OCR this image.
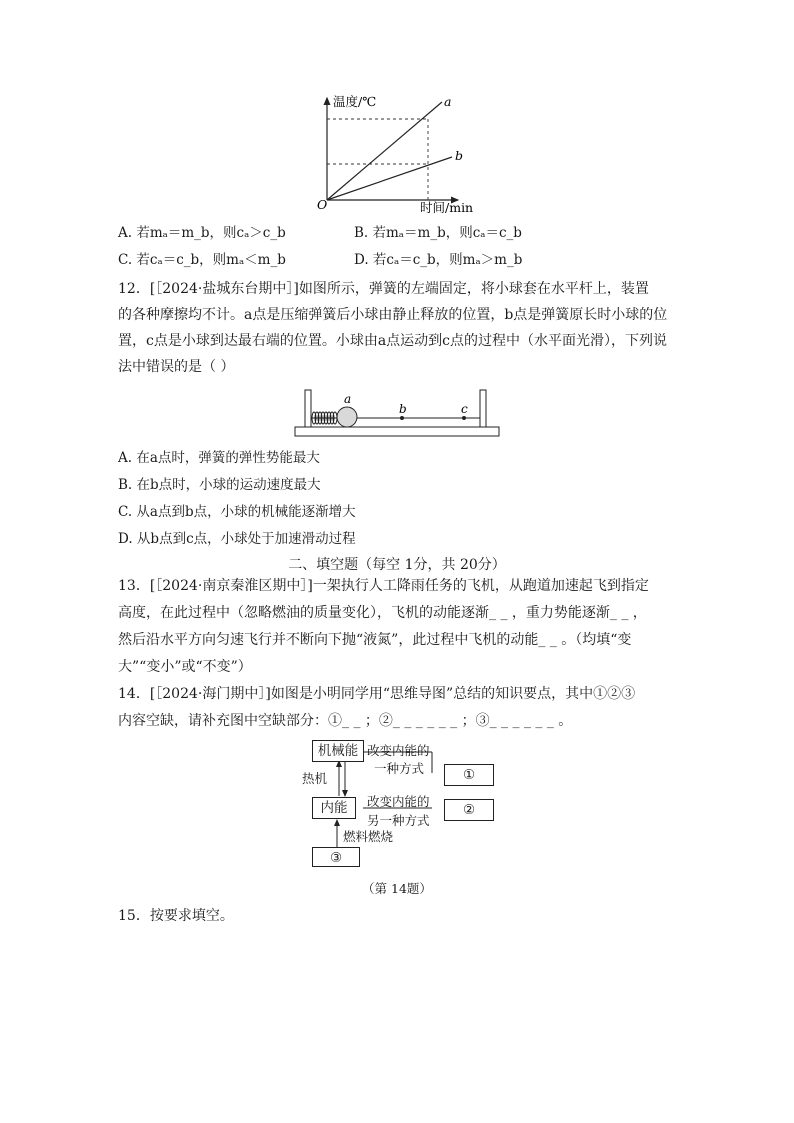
温度/℃
时间/min
O
a
b
A. 若mₐ＝m_b，则cₐ＞c_b	B. 若mₐ＝m_b，则cₐ＝c_b
C. 若cₐ＝c_b，则mₐ＜m_b	D. 若cₐ＝c_b，则mₐ＞m_b
12．[［2024·盐城东台期中］]如图所示，弹簧的左端固定，将小球套在水平杆上，装置
的各种摩擦均不计。a点是压缩弹簧后小球由静止释放的位置，b点是弹簧原长时小球的位
置，c点是小球到达最右端的位置。小球由a点运动到c点的过程中（水平面光滑），下列说
法中错误的是（ ）
a
b	c
A. 在a点时，弹簧的弹性势能最大
B. 在b点时，小球的运动速度最大
C. 从a点到b点，小球的机械能逐渐增大
D. 从b点到c点，小球处于加速滑动过程
二、填空题（每空 1分，共 20分）
13．[［2024·南京秦淮区期中］]一架执行人工降雨任务的飞机，从跑道加速起飞到指定
高度，在此过程中（忽略燃油的质量变化），飞机的动能逐渐_ _ ，重力势能逐渐_ _ ，
然后沿水平方向匀速飞行并不断向下抛“液氮”，此过程中飞机的动能_ _ 。（均填“变
大”“变小”或“不变”）
14．[［2024·海门期中］]如图是小明同学用“思维导图”总结的知识要点，其中①②③
内容空缺，请补充图中空缺部分：①_ _ ；②_ _ _ _ _ _ ；③_ _ _ _ _ _ 。
机械能
内能
①
②
③
热机
改变内能的
一种方式
改变内能的
另一种方式
燃料燃烧
（第 14题）
15．按要求填空。
